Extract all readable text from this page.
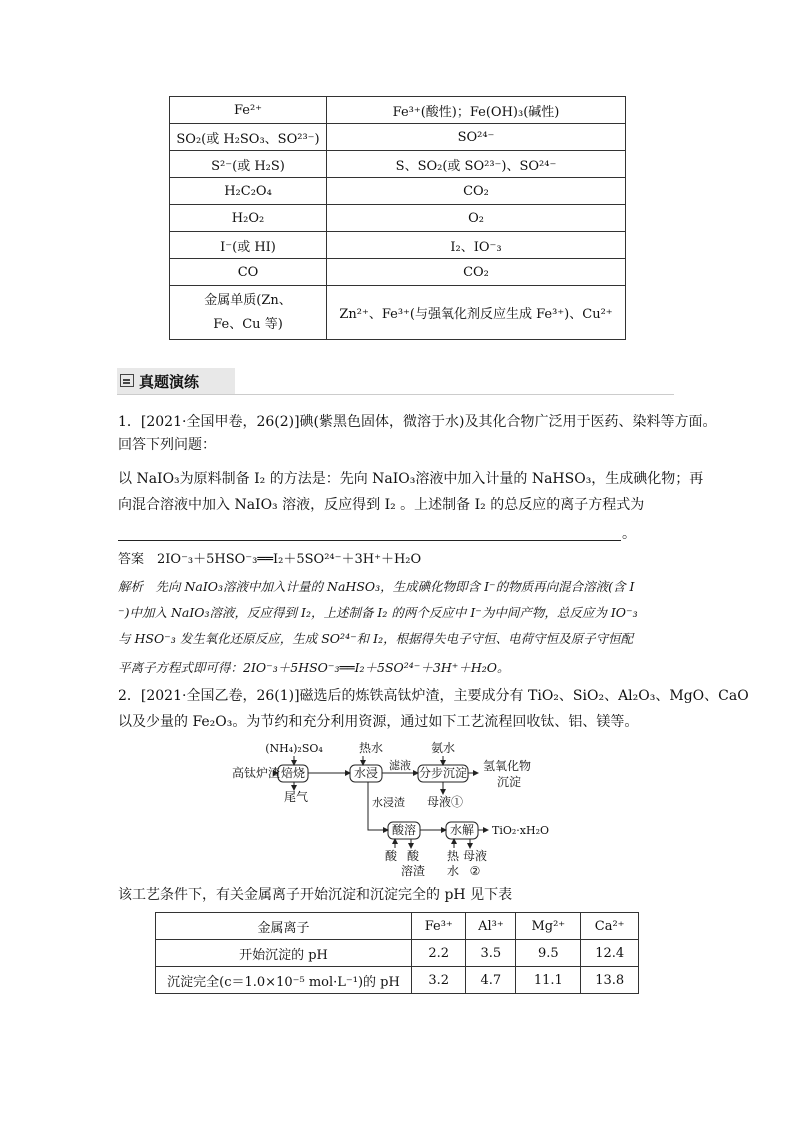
Fe²⁺	Fe³⁺(酸性)；Fe(OH)₃(碱性)
SO₂(或 H₂SO₃、SO²³⁻)	SO²⁴⁻
S²⁻(或 H₂S)	S、SO₂(或 SO²³⁻)、SO²⁴⁻
H₂C₂O₄	CO₂
H₂O₂	O₂
I⁻(或 HI)	I₂、IO⁻₃
CO	CO₂

金属单质(Zn、
Fe、Cu 等)	Zn²⁺、Fe³⁺(与强氧化剂反应生成 Fe³⁺)、Cu²⁺
真题演练
1．[2021·全国甲卷，26(2)]碘(紫黑色固体，微溶于水)及其化合物广泛用于医药、染料等方面。
回答下列问题：
以 NaIO₃为原料制备 I₂ 的方法是：先向 NaIO₃溶液中加入计量的 NaHSO₃，生成碘化物；再
向混合溶液中加入 NaIO₃ 溶液，反应得到 I₂ 。上述制备 I₂ 的总反应的离子方程式为
。
答案　2IO⁻₃＋5HSO⁻₃══I₂＋5SO²⁴⁻＋3H⁺＋H₂O
解析　先向 NaIO₃溶液中加入计量的 NaHSO₃，生成碘化物即含 I⁻的物质再向混合溶液(含 I
⁻)中加入 NaIO₃溶液，反应得到 I₂，上述制备 I₂ 的两个反应中 I⁻为中间产物，总反应为 IO⁻₃
与 HSO⁻₃ 发生氧化还原反应，生成 SO²⁴⁻和 I₂，根据得失电子守恒、电荷守恒及原子守恒配
平离子方程式即可得：2IO⁻₃＋5HSO⁻₃══I₂＋5SO²⁴⁻＋3H⁺＋H₂O。
2．[2021·全国乙卷，26(1)]磁选后的炼铁高钛炉渣，主要成分有 TiO₂、SiO₂、Al₂O₃、MgO、CaO
以及少量的 Fe₂O₃。为节约和充分利用资源，通过如下工艺流程回收钛、铝、镁等。
高钛炉渣
(NH₄)₂SO₄	热水
焙烧
尾气
水浸
滤液
氨水
分步沉淀 氢氧化物
沉淀
母液①
水浸渣
酸溶	水解 TiO₂·xH₂O
酸 酸
溶渣
热
水
母液
②
该工艺条件下，有关金属离子开始沉淀和沉淀完全的 pH 见下表
金属离子	Fe³⁺	Al³⁺	Mg²⁺	Ca²⁺
开始沉淀的 pH	2.2	3.5	9.5	12.4
沉淀完全(c＝1.0×10⁻⁵ mol·L⁻¹)的 pH	3.2	4.7	11.1	13.8
